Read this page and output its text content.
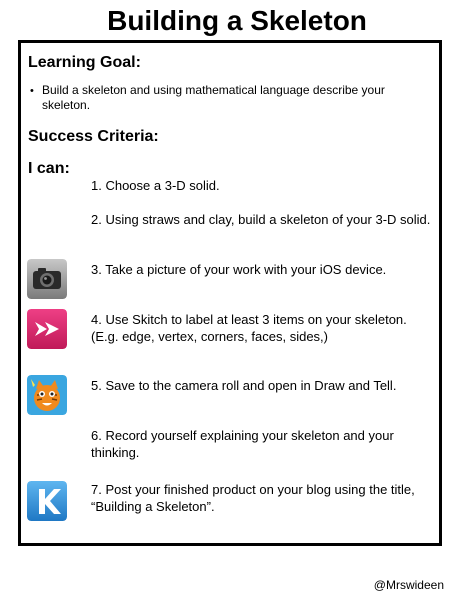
Building a Skeleton
Learning Goal:
• Build a skeleton and using mathematical language describe your skeleton.
Success Criteria:
I can:
1. Choose a 3-D solid.
2. Using straws and clay, build a skeleton of your 3-D solid.
3. Take a picture of your work with your iOS device.
4. Use Skitch to label at least 3 items on your skeleton. (E.g. edge, vertex, corners, faces, sides,)
5. Save to the camera roll and open in Draw and Tell.
6. Record yourself explaining your skeleton and your thinking.
7. Post your finished product on your blog using the title, “Building a Skeleton”.
@Mrswideen
